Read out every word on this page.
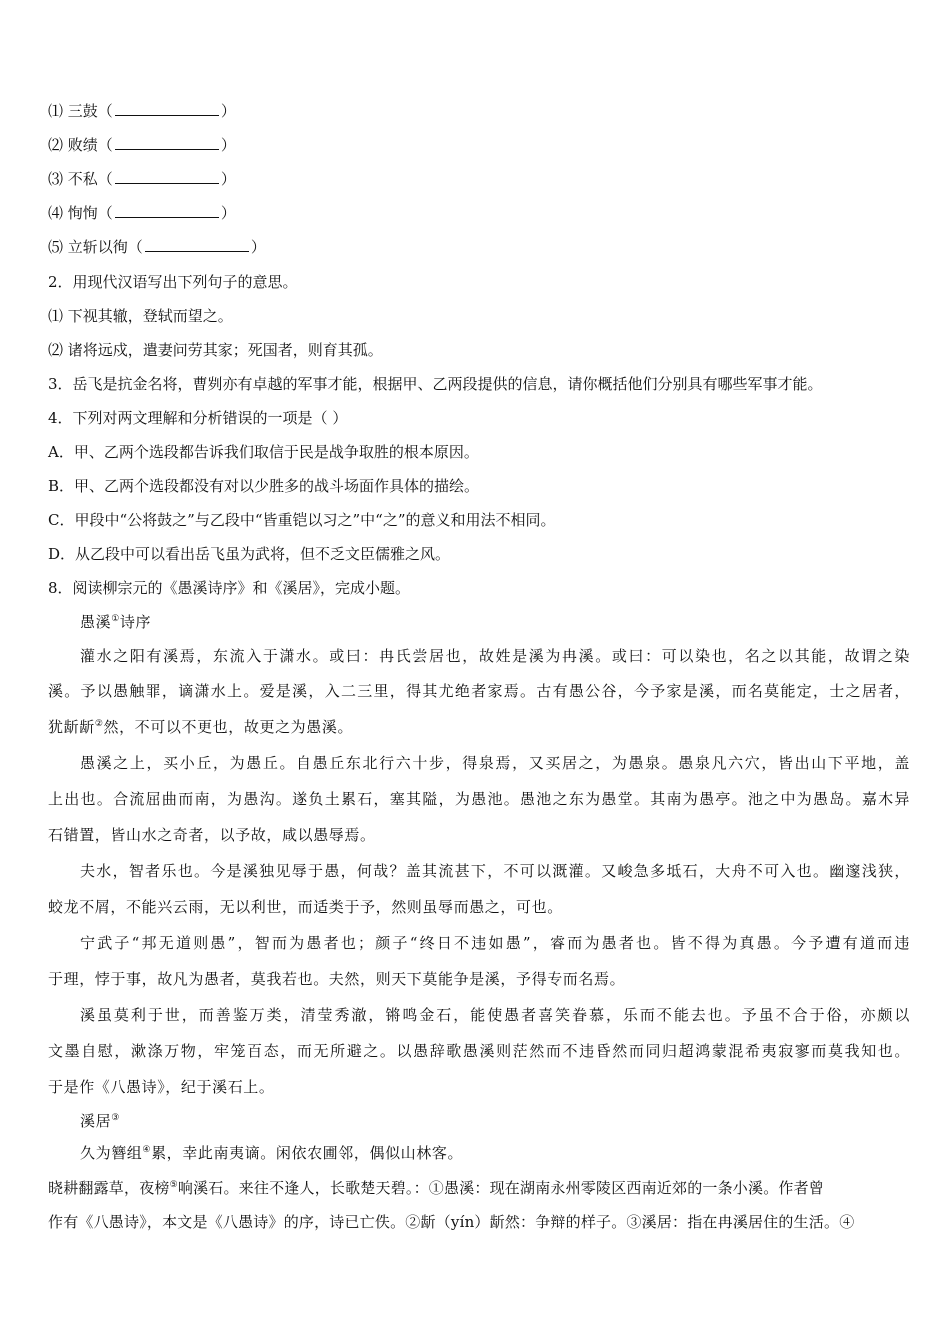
⑴ 三鼓（	）
⑵ 败绩（	）
⑶ 不私（	）
⑷ 恂恂（	）
⑸ 立斩以徇（	）
2．用现代汉语写出下列句子的意思。
⑴ 下视其辙，登轼而望之。
⑵ 诸将远戍，遣妻问劳其家；死国者，则育其孤。
3．岳飞是抗金名将，曹刿亦有卓越的军事才能，根据甲、乙两段提供的信息，请你概括他们分别具有哪些军事才能。
4．下列对两文理解和分析错误的一项是（ ）
A．甲、乙两个选段都告诉我们取信于民是战争取胜的根本原因。
B．甲、乙两个选段都没有对以少胜多的战斗场面作具体的描绘。
C．甲段中“公将鼓之”与乙段中“皆重铠以习之”中“之”的意义和用法不相同。
D．从乙段中可以看出岳飞虽为武将，但不乏文臣儒雅之风。
8．阅读柳宗元的《愚溪诗序》和《溪居》，完成小题。
愚溪①诗序
灌水之阳有溪焉，东流入于潇水。或曰：冉氏尝居也，故姓是溪为冉溪。或曰：可以染也，名之以其能，故谓之染
溪。予以愚触罪，谪潇水上。爱是溪，入二三里，得其尤绝者家焉。古有愚公谷，今予家是溪，而名莫能定，士之居者，
犹龂龂②然，不可以不更也，故更之为愚溪。
愚溪之上，买小丘，为愚丘。自愚丘东北行六十步，得泉焉，又买居之，为愚泉。愚泉凡六穴，皆出山下平地，盖
上出也。合流屈曲而南，为愚沟。遂负土累石，塞其隘，为愚池。愚池之东为愚堂。其南为愚亭。池之中为愚岛。嘉木异
石错置，皆山水之奇者，以予故，咸以愚辱焉。
夫水，智者乐也。今是溪独见辱于愚，何哉？盖其流甚下，不可以溉灌。又峻急多坻石，大舟不可入也。幽邃浅狭，
蛟龙不屑，不能兴云雨，无以利世，而适类于予，然则虽辱而愚之，可也。
宁武子“邦无道则愚”，智而为愚者也；颜子“终日不违如愚”，睿而为愚者也。皆不得为真愚。今予遭有道而违
于理，悖于事，故凡为愚者，莫我若也。夫然，则天下莫能争是溪，予得专而名焉。
溪虽莫利于世，而善鉴万类，清莹秀澈，锵鸣金石，能使愚者喜笑眷慕，乐而不能去也。予虽不合于俗，亦颇以
文墨自慰，漱涤万物，牢笼百态，而无所避之。以愚辞歌愚溪则茫然而不违昏然而同归超鸿蒙混希夷寂寥而莫我知也。
于是作《八愚诗》，纪于溪石上。
溪居③
久为簪组④累，幸此南夷谪。闲依农圃邻，偶似山林客。
晓耕翻露草，夜榜⑤响溪石。来往不逢人，长歌楚天碧。：①愚溪：现在湖南永州零陵区西南近郊的一条小溪。作者曾
作有《八愚诗》，本文是《八愚诗》的序，诗已亡佚。②龂（yín）龂然：争辩的样子。③溪居：指在冉溪居住的生活。④
